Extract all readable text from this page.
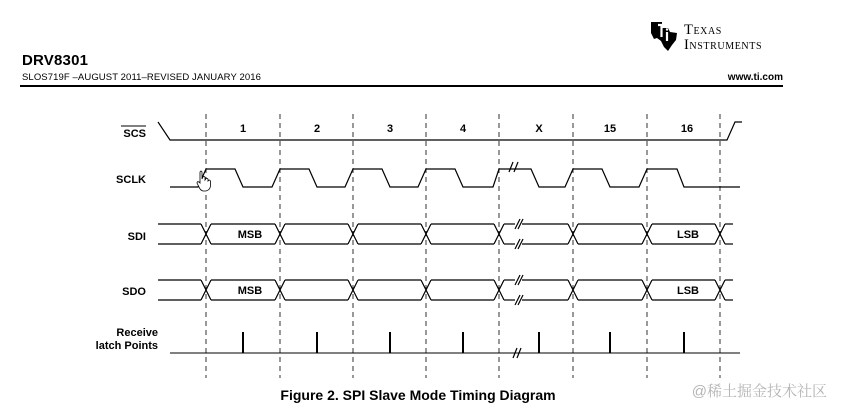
DRV8301
SLOS719F –AUGUST 2011–REVISED JANUARY 2016	www.ti.com
Texas
Instruments
SCS
SCLK
SDI
SDO
Receive
latch Points
1	2	3	4	X	15	16
MSB	LSB
MSB	LSB
Figure 2. SPI Slave Mode Timing Diagram	@稀土掘金技术社区
